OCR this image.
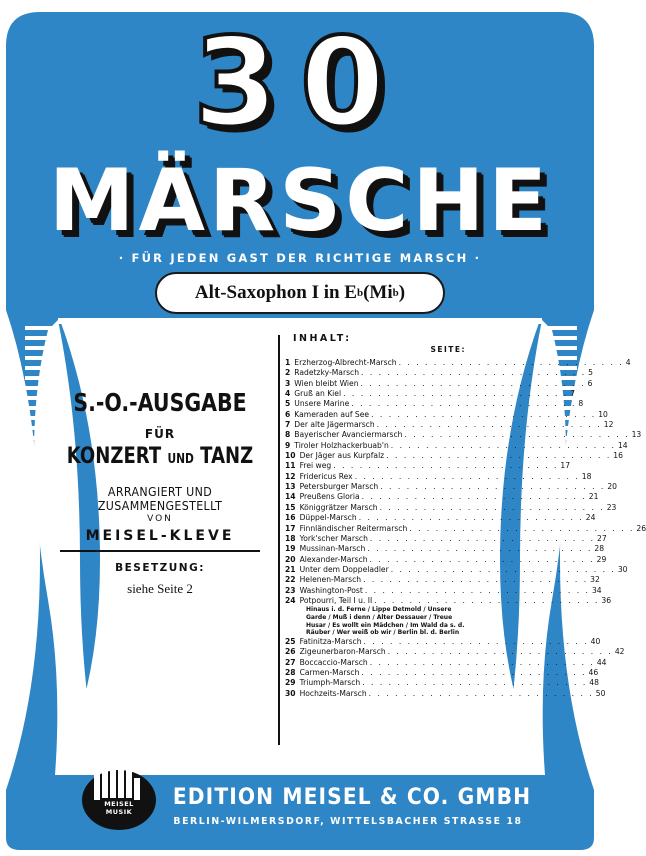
30
MÄRSCHE
· FÜR JEDEN GAST DER RICHTIGE MARSCH ·
Alt-Saxophon I in E b (Mi b )
S.-O.-AUSGABE
FÜR
KONZERT UND TANZ
ARRANGIERT UND ZUSAMMENGESTELLT
VON
MEISEL-KLEVE
BESETZUNG:
siehe Seite 2
INHALT:
SEITE:
1 Erzherzog-Albrecht-Marsch . . . . . . . . . . . . . . . . . . . . . . . . . . 4
2 Radetzky-Marsch . . . . . . . . . . . . . . . . . . . . . . . . . . 5
3 Wien bleibt Wien . . . . . . . . . . . . . . . . . . . . . . . . . . 6
4 Gruß an Kiel . . . . . . . . . . . . . . . . . . . . . . . . . . 7
5 Unsere Marine . . . . . . . . . . . . . . . . . . . . . . . . . . 8
6 Kameraden auf See . . . . . . . . . . . . . . . . . . . . . . . . . . 10
7 Der alte Jägermarsch . . . . . . . . . . . . . . . . . . . . . . . . . . 12
8 Bayerischer Avanciermarsch . . . . . . . . . . . . . . . . . . . . . . . . . . 13
9 Tiroler Holzhackerbuab'n . . . . . . . . . . . . . . . . . . . . . . . . . . 14
10 Der Jäger aus Kurpfalz . . . . . . . . . . . . . . . . . . . . . . . . . . 16
11 Frei weg . . . . . . . . . . . . . . . . . . . . . . . . . . 17
12 Fridericus Rex . . . . . . . . . . . . . . . . . . . . . . . . . . 18
13 Petersburger Marsch . . . . . . . . . . . . . . . . . . . . . . . . . . 20
14 Preußens Gloria . . . . . . . . . . . . . . . . . . . . . . . . . . 21
15 Königgrätzer Marsch . . . . . . . . . . . . . . . . . . . . . . . . . . 23
16 Düppel-Marsch . . . . . . . . . . . . . . . . . . . . . . . . . . 24
17 Finnländischer Reitermarsch . . . . . . . . . . . . . . . . . . . . . . . . . . 26
18 York'scher Marsch . . . . . . . . . . . . . . . . . . . . . . . . . . 27
19 Mussinan-Marsch . . . . . . . . . . . . . . . . . . . . . . . . . . 28
20 Alexander-Marsch . . . . . . . . . . . . . . . . . . . . . . . . . . 29
21 Unter dem Doppeladler . . . . . . . . . . . . . . . . . . . . . . . . . . 30
22 Helenen-Marsch . . . . . . . . . . . . . . . . . . . . . . . . . . 32
23 Washington-Post . . . . . . . . . . . . . . . . . . . . . . . . . . 34
24 Potpourri, Teil I u. II . . . . . . . . . . . . . . . . . . . . . . . . . . 36
Hinaus i. d. Ferne / Lippe Detmold / Unsere Garde / Muß i denn / Alter Dessauer / Treue Husar / Es wollt ein Mädchen / Im Wald da s. d. Räuber / Wer weiß ob wir / Berlin bl. d. Berlin
25 Fatinitza-Marsch . . . . . . . . . . . . . . . . . . . . . . . . . . 40
26 Zigeunerbaron-Marsch . . . . . . . . . . . . . . . . . . . . . . . . . . 42
27 Boccaccio-Marsch . . . . . . . . . . . . . . . . . . . . . . . . . . 44
28 Carmen-Marsch . . . . . . . . . . . . . . . . . . . . . . . . . . 46
29 Triumph-Marsch . . . . . . . . . . . . . . . . . . . . . . . . . . 48
30 Hochzeits-Marsch . . . . . . . . . . . . . . . . . . . . . . . . . . 50
MEISEL
MUSIK
EDITION MEISEL & CO. GMBH
BERLIN-WILMERSDORF, WITTELSBACHER STRASSE 18
